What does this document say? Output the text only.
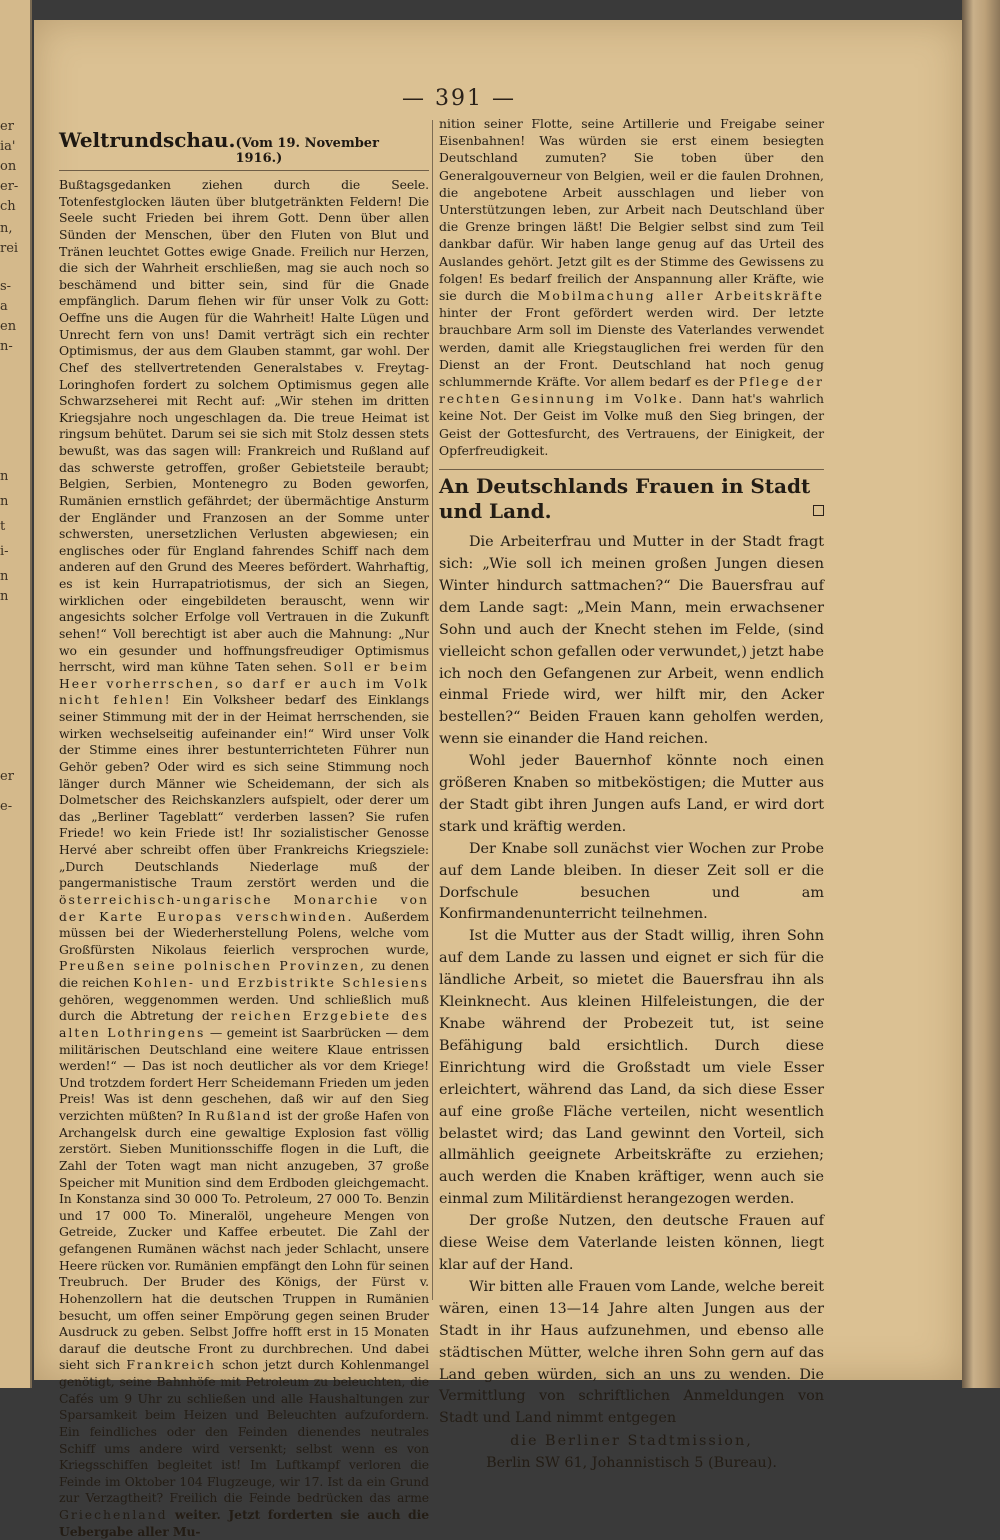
er
ia'
on
er-
ch
n,
rei
s-
a
en
n-
n
n
t
i-
n
n
er
e-
— 391 —
Weltrundschau. (Vom 19. November 1916.)

Bußtagsgedanken ziehen durch die Seele. Totenfestglocken läuten über blutgetränkten Feldern! Die Seele sucht Frieden bei ihrem Gott. Denn über allen Sünden der Menschen, über den Fluten von Blut und Tränen leuchtet Gottes ewige Gnade. Freilich nur Herzen, die sich der Wahrheit erschließen, mag sie auch noch so beschämend und bitter sein, sind für die Gnade empfänglich. Darum flehen wir für unser Volk zu Gott: Oeffne uns die Augen für die Wahrheit! Halte Lügen und Unrecht fern von uns! Damit verträgt sich ein rechter Optimismus, der aus dem Glauben stammt, gar wohl. Der Chef des stellvertretenden Generalstabes v. Freytag-Loringhofen fordert zu solchem Optimismus gegen alle Schwarzseherei mit Recht auf: „Wir stehen im dritten Kriegsjahre noch ungeschlagen da. Die treue Heimat ist ringsum behütet. Darum sei sie sich mit Stolz dessen stets bewußt, was das sagen will: Frankreich und Rußland auf das schwerste getroffen, großer Gebietsteile beraubt; Belgien, Serbien, Montenegro zu Boden geworfen, Rumänien ernstlich gefährdet; der übermächtige Ansturm der Engländer und Franzosen an der Somme unter schwersten, unersetzlichen Verlusten abgewiesen; ein englisches oder für England fahrendes Schiff nach dem anderen auf den Grund des Meeres befördert. Wahrhaftig, es ist kein Hurrapatriotismus, der sich an Siegen, wirklichen oder eingebildeten berauscht, wenn wir angesichts solcher Erfolge voll Vertrauen in die Zukunft sehen!“ Voll berechtigt ist aber auch die Mahnung: „Nur wo ein gesunder und hoffnungsfreudiger Optimismus herrscht, wird man kühne Taten sehen. Soll er beim Heer vorherrschen, so darf er auch im Volk nicht fehlen! Ein Volksheer bedarf des Einklangs seiner Stimmung mit der in der Heimat herrschenden, sie wirken wechselseitig aufeinander ein!“ Wird unser Volk der Stimme eines ihrer bestunterrichteten Führer nun Gehör geben? Oder wird es sich seine Stimmung noch länger durch Männer wie Scheidemann, der sich als Dolmetscher des Reichskanzlers aufspielt, oder derer um das „Berliner Tageblatt“ verderben lassen? Sie rufen Friede! wo kein Friede ist! Ihr sozialistischer Genosse Hervé aber schreibt offen über Frankreichs Kriegsziele: „Durch Deutschlands Niederlage muß der pangermanistische Traum zerstört werden und die österreichisch-ungarische Monarchie von der Karte Europas verschwinden. Außerdem müssen bei der Wiederherstellung Polens, welche vom Großfürsten Nikolaus feierlich versprochen wurde, Preußen seine polnischen Provinzen, zu denen die reichen Kohlen- und Erzbistrikte Schlesiens gehören, weggenommen werden. Und schließlich muß durch die Abtretung der reichen Erzgebiete des alten Lothringens — gemeint ist Saarbrücken — dem militärischen Deutschland eine weitere Klaue entrissen werden!“ — Das ist noch deutlicher als vor dem Kriege! Und trotzdem fordert Herr Scheidemann Frieden um jeden Preis! Was ist denn geschehen, daß wir auf den Sieg verzichten müßten? In Rußland ist der große Hafen von Archangelsk durch eine gewaltige Explosion fast völlig zerstört. Sieben Munitionsschiffe flogen in die Luft, die Zahl der Toten wagt man nicht anzugeben, 37 große Speicher mit Munition sind dem Erdboden gleichgemacht. In Konstanza sind 30 000 To. Petroleum, 27 000 To. Benzin und 17 000 To. Mineralöl, ungeheure Mengen von Getreide, Zucker und Kaffee erbeutet. Die Zahl der gefangenen Rumänen wächst nach jeder Schlacht, unsere Heere rücken vor. Rumänien empfängt den Lohn für seinen Treubruch. Der Bruder des Königs, der Fürst v. Hohenzollern hat die deutschen Truppen in Rumänien besucht, um offen seiner Empörung gegen seinen Bruder Ausdruck zu geben. Selbst Joffre hofft erst in 15 Monaten darauf die deutsche Front zu durchbrechen. Und dabei sieht sich Frankreich schon jetzt durch Kohlenmangel genötigt, seine Bahnhöfe mit Petroleum zu beleuchten, die Cafés um 9 Uhr zu schließen und alle Haushaltungen zur Sparsamkeit beim Heizen und Beleuchten aufzufordern. Ein feindliches oder den Feinden dienendes neutrales Schiff ums andere wird versenkt; selbst wenn es von Kriegsschiffen begleitet ist! Im Luftkampf verloren die Feinde im Oktober 104 Flugzeuge, wir 17. Ist da ein Grund zur Verzagtheit? Freilich die Feinde bedrücken das arme Griechenland weiter. Jetzt forderten sie auch die Uebergabe aller Mu-

nition seiner Flotte, seine Artillerie und Freigabe seiner Eisenbahnen! Was würden sie erst einem besiegten Deutschland zumuten? Sie toben über den Generalgouverneur von Belgien, weil er die faulen Drohnen, die angebotene Arbeit ausschlagen und lieber von Unterstützungen leben, zur Arbeit nach Deutschland über die Grenze bringen läßt! Die Belgier selbst sind zum Teil dankbar dafür. Wir haben lange genug auf das Urteil des Auslandes gehört. Jetzt gilt es der Stimme des Gewissens zu folgen! Es bedarf freilich der Anspannung aller Kräfte, wie sie durch die Mobilmachung aller Arbeitskräfte hinter der Front gefördert werden wird. Der letzte brauchbare Arm soll im Dienste des Vaterlandes verwendet werden, damit alle Kriegstauglichen frei werden für den Dienst an der Front. Deutschland hat noch genug schlummernde Kräfte. Vor allem bedarf es der Pflege der rechten Gesinnung im Volke. Dann hat's wahrlich keine Not. Der Geist im Volke muß den Sieg bringen, der Geist der Gottesfurcht, des Vertrauens, der Einigkeit, der Opferfreudigkeit.

An Deutschlands Frauen in Stadt und Land.

Die Arbeiterfrau und Mutter in der Stadt fragt sich: „Wie soll ich meinen großen Jungen diesen Winter hindurch sattmachen?“ Die Bauersfrau auf dem Lande sagt: „Mein Mann, mein erwachsener Sohn und auch der Knecht stehen im Felde, (sind vielleicht schon gefallen oder verwundet,) jetzt habe ich noch den Gefangenen zur Arbeit, wenn endlich einmal Friede wird, wer hilft mir, den Acker bestellen?“ Beiden Frauen kann geholfen werden, wenn sie einander die Hand reichen.

Wohl jeder Bauernhof könnte noch einen größeren Knaben so mitbeköstigen; die Mutter aus der Stadt gibt ihren Jungen aufs Land, er wird dort stark und kräftig werden.

Der Knabe soll zunächst vier Wochen zur Probe auf dem Lande bleiben. In dieser Zeit soll er die Dorfschule besuchen und am Konfirmandenunterricht teilnehmen.

Ist die Mutter aus der Stadt willig, ihren Sohn auf dem Lande zu lassen und eignet er sich für die ländliche Arbeit, so mietet die Bauersfrau ihn als Kleinknecht. Aus kleinen Hilfeleistungen, die der Knabe während der Probezeit tut, ist seine Befähigung bald ersichtlich. Durch diese Einrichtung wird die Großstadt um viele Esser erleichtert, während das Land, da sich diese Esser auf eine große Fläche verteilen, nicht wesentlich belastet wird; das Land gewinnt den Vorteil, sich allmählich geeignete Arbeitskräfte zu erziehen; auch werden die Knaben kräftiger, wenn auch sie einmal zum Militärdienst herangezogen werden.

Der große Nutzen, den deutsche Frauen auf diese Weise dem Vaterlande leisten können, liegt klar auf der Hand.

Wir bitten alle Frauen vom Lande, welche bereit wären, einen 13—14 Jahre alten Jungen aus der Stadt in ihr Haus aufzunehmen, und ebenso alle städtischen Mütter, welche ihren Sohn gern auf das Land geben würden, sich an uns zu wenden. Die Vermittlung von schriftlichen Anmeldungen von Stadt und Land nimmt entgegen

die Berliner Stadtmission,

Berlin SW 61, Johannistisch 5 (Bureau).
